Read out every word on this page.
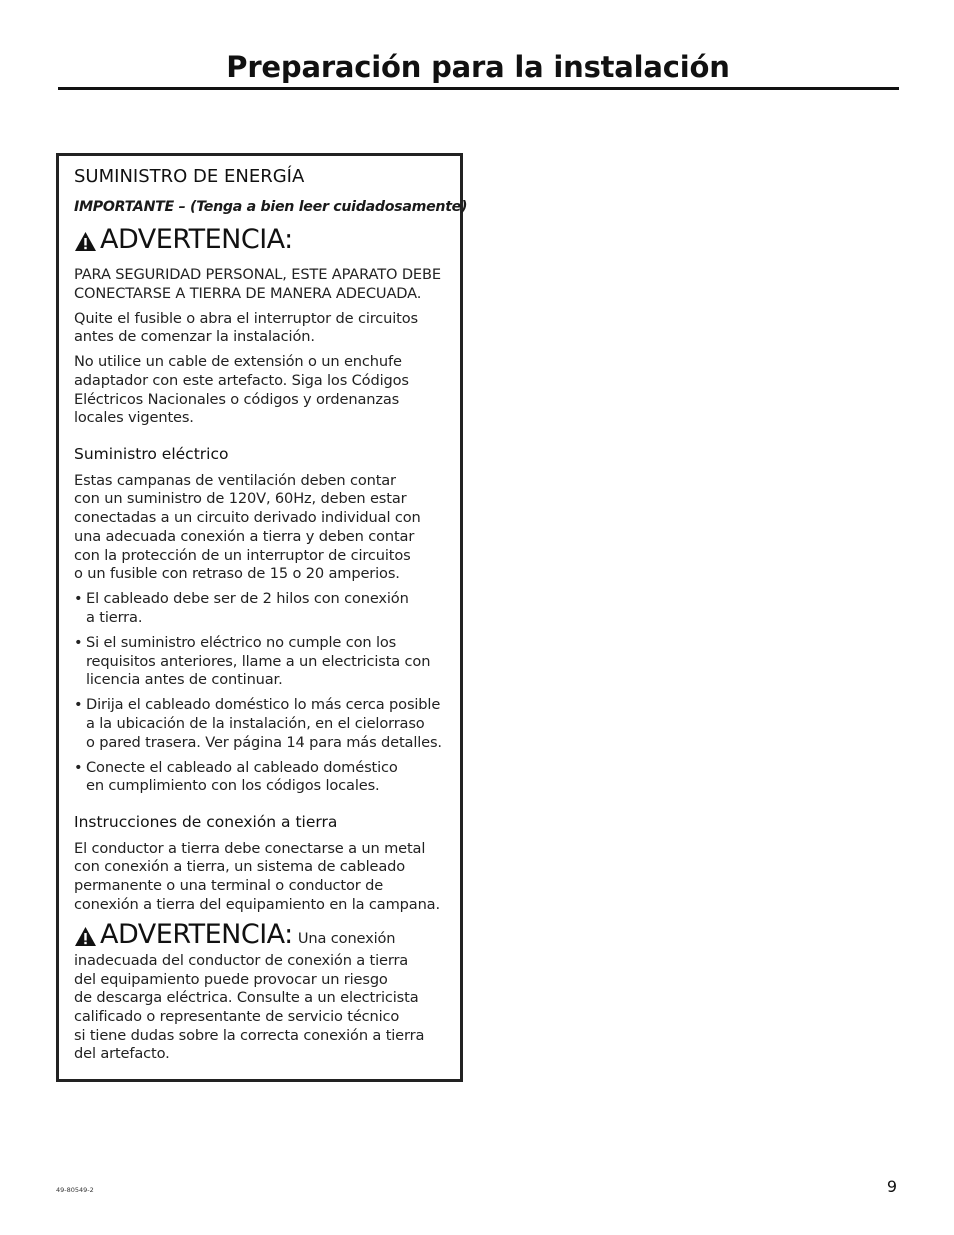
Preparación para la instalación
SUMINISTRO DE ENERGÍA
IMPORTANTE – (Tenga a bien leer cuidadosamente)
ADVERTENCIA:
PARA SEGURIDAD PERSONAL, ESTE APARATO DEBE
CONECTARSE A TIERRA DE MANERA ADECUADA.
Quite el fusible o abra el interruptor de circuitos
antes de comenzar la instalación.
No utilice un cable de extensión o un enchufe
adaptador con este artefacto. Siga los Códigos
Eléctricos Nacionales o códigos y ordenanzas
locales vigentes.
Suministro eléctrico
Estas campanas de ventilación deben contar
con un suministro de 120V, 60Hz, deben estar
conectadas a un circuito derivado individual con
una adecuada conexión a tierra y deben contar
con la protección de un interruptor de circuitos
o un fusible con retraso de 15 o 20 amperios.
• El cableado debe ser de 2 hilos con conexión
a tierra.
• Si el suministro eléctrico no cumple con los
requisitos anteriores, llame a un electricista con
licencia antes de continuar.
• Dirija el cableado doméstico lo más cerca posible
a la ubicación de la instalación, en el cielorraso
o pared trasera. Ver página 14 para más detalles.
• Conecte el cableado al cableado doméstico
en cumplimiento con los códigos locales.
Instrucciones de conexión a tierra
El conductor a tierra debe conectarse a un metal
con conexión a tierra, un sistema de cableado
permanente o una terminal o conductor de
conexión a tierra del equipamiento en la campana.
ADVERTENCIA: Una conexión
inadecuada del conductor de conexión a tierra
del equipamiento puede provocar un riesgo
de descarga eléctrica. Consulte a un electricista
calificado o representante de servicio técnico
si tiene dudas sobre la correcta conexión a tierra
del artefacto.
49-80549-2	9
